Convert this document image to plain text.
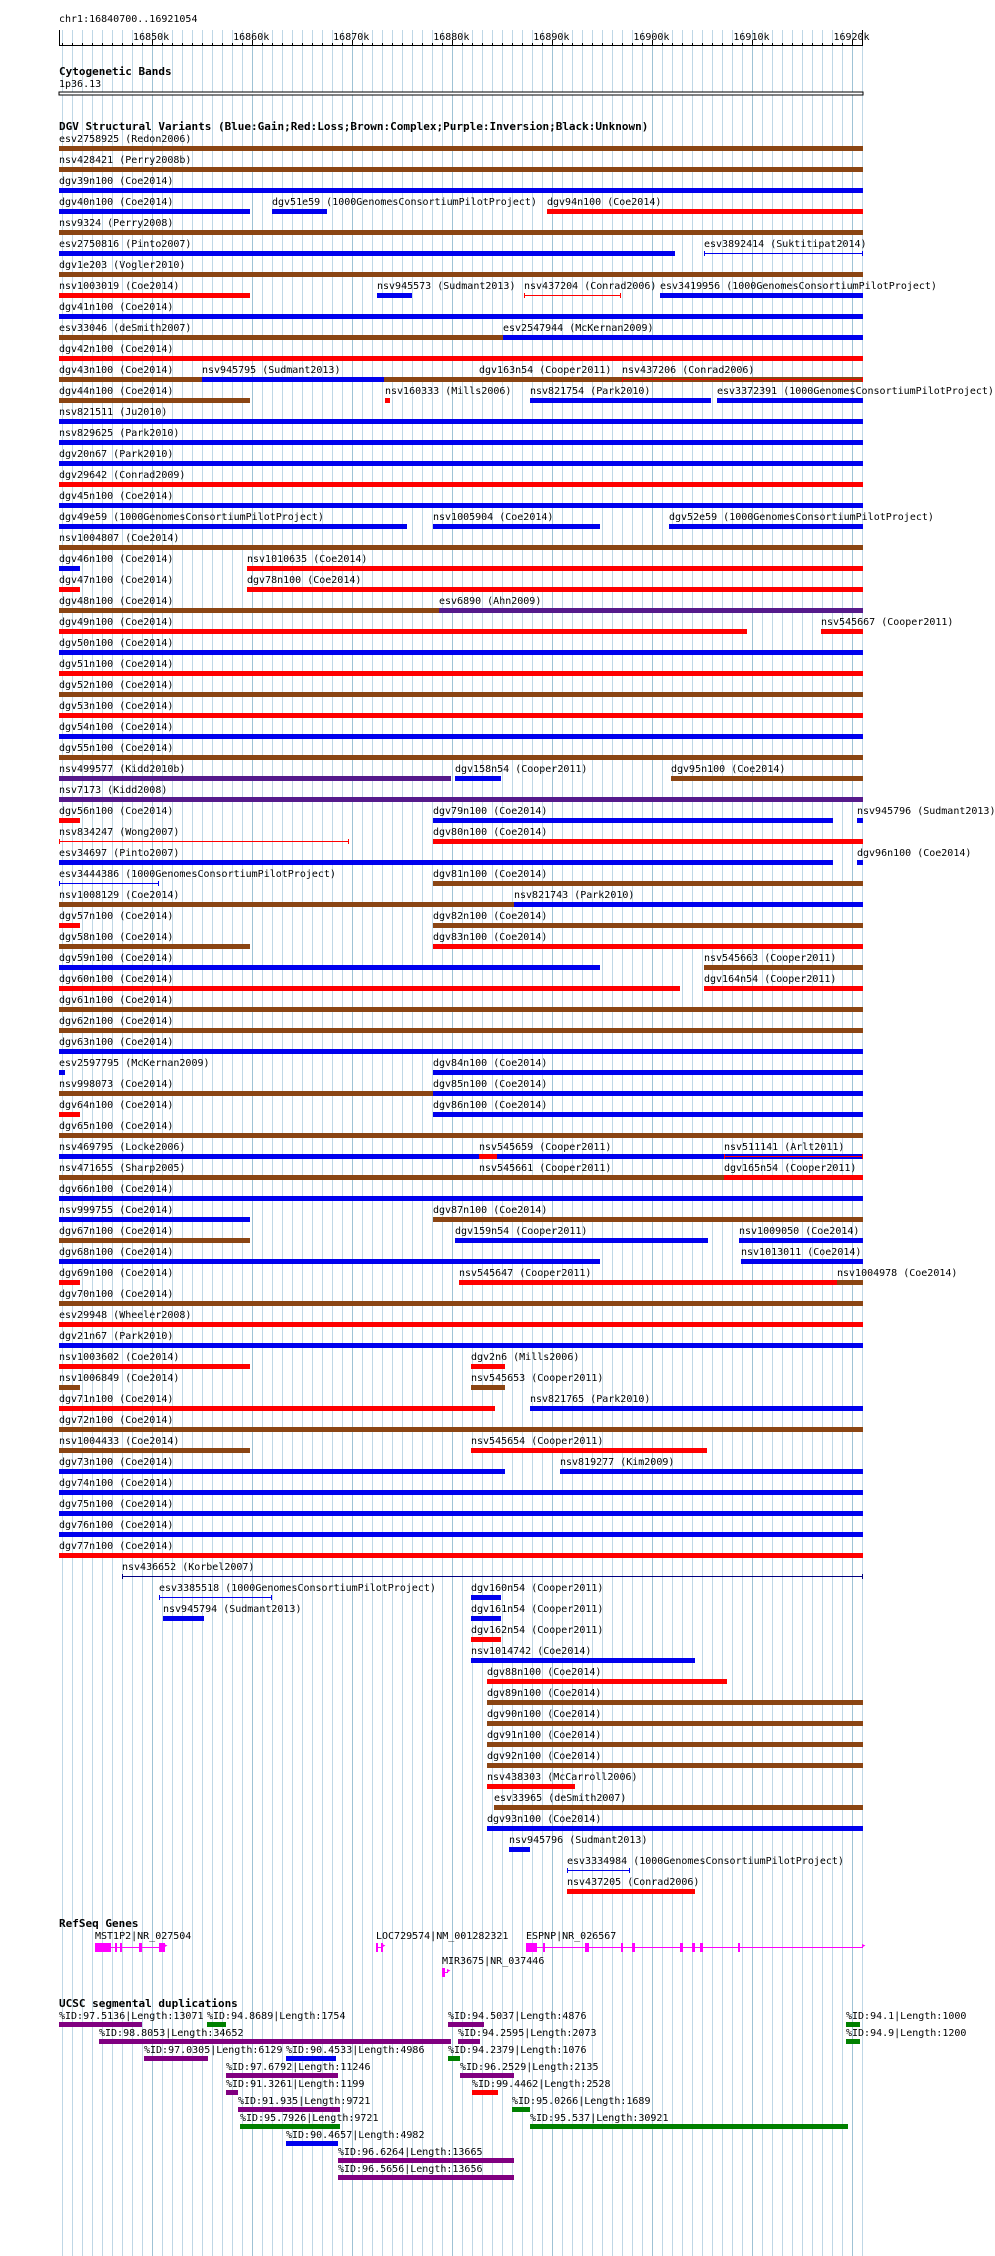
chr1:16840700..16921054
16850k	16860k	16870k	16880k	16890k	16900k	16910k	16920k
Cytogenetic Bands
1p36.13
DGV Structural Variants (Blue:Gain;Red:Loss;Brown:Complex;Purple:Inversion;Black:Unknown)
esv2758925 (Redon2006)
nsv428421 (Perry2008b)
dgv39n100 (Coe2014)
dgv40n100 (Coe2014)	dgv51e59 (1000GenomesConsortiumPilotProject) dgv94n100 (Coe2014)
nsv9324 (Perry2008)
esv2750816 (Pinto2007)	esv3892414 (Suktitipat2014)
dgv1e203 (Vogler2010)
nsv1003019 (Coe2014)	nsv945573 (Sudmant2013) nsv437204 (Conrad2006) esv3419956 (1000GenomesConsortiumPilotProject)
dgv41n100 (Coe2014)
esv33046 (deSmith2007)	esv2547944 (McKernan2009)
dgv42n100 (Coe2014)
dgv43n100 (Coe2014)	nsv945795 (Sudmant2013)	dgv163n54 (Cooper2011) nsv437206 (Conrad2006)
dgv44n100 (Coe2014)	nsv160333 (Mills2006) nsv821754 (Park2010)	esv3372391 (1000GenomesConsortiumPilotProject)
nsv821511 (Ju2010)
nsv829625 (Park2010)
dgv20n67 (Park2010)
dgv29642 (Conrad2009)
dgv45n100 (Coe2014)
dgv49e59 (1000GenomesConsortiumPilotProject)	nsv1005904 (Coe2014)	dgv52e59 (1000GenomesConsortiumPilotProject)
nsv1004807 (Coe2014)
dgv46n100 (Coe2014)	nsv1010635 (Coe2014)
dgv47n100 (Coe2014)	dgv78n100 (Coe2014)
dgv48n100 (Coe2014)	esv6890 (Ahn2009)
dgv49n100 (Coe2014)	nsv545667 (Cooper2011)
dgv50n100 (Coe2014)
dgv51n100 (Coe2014)
dgv52n100 (Coe2014)
dgv53n100 (Coe2014)
dgv54n100 (Coe2014)
dgv55n100 (Coe2014)
nsv499577 (Kidd2010b)	dgv158n54 (Cooper2011)	dgv95n100 (Coe2014)
nsv7173 (Kidd2008)
dgv56n100 (Coe2014)	dgv79n100 (Coe2014)	nsv945796 (Sudmant2013)
nsv834247 (Wong2007)	dgv80n100 (Coe2014)
esv34697 (Pinto2007)	dgv96n100 (Coe2014)
esv3444386 (1000GenomesConsortiumPilotProject)	dgv81n100 (Coe2014)
nsv1008129 (Coe2014)	nsv821743 (Park2010)
dgv57n100 (Coe2014)	dgv82n100 (Coe2014)
dgv58n100 (Coe2014)	dgv83n100 (Coe2014)
dgv59n100 (Coe2014)	nsv545663 (Cooper2011)
dgv60n100 (Coe2014)	dgv164n54 (Cooper2011)
dgv61n100 (Coe2014)
dgv62n100 (Coe2014)
dgv63n100 (Coe2014)
esv2597795 (McKernan2009)	dgv84n100 (Coe2014)
nsv998073 (Coe2014)	dgv85n100 (Coe2014)
dgv64n100 (Coe2014)	dgv86n100 (Coe2014)
dgv65n100 (Coe2014)
nsv469795 (Locke2006)	nsv545659 (Cooper2011)	nsv511141 (Arlt2011)
nsv471655 (Sharp2005)	nsv545661 (Cooper2011)	dgv165n54 (Cooper2011)
dgv66n100 (Coe2014)
nsv999755 (Coe2014)	dgv87n100 (Coe2014)
dgv67n100 (Coe2014)	dgv159n54 (Cooper2011)	nsv1009050 (Coe2014)
dgv68n100 (Coe2014)	nsv1013011 (Coe2014)
dgv69n100 (Coe2014)	nsv545647 (Cooper2011)	nsv1004978 (Coe2014)
dgv70n100 (Coe2014)
esv29948 (Wheeler2008)
dgv21n67 (Park2010)
nsv1003602 (Coe2014)	dgv2n6 (Mills2006)
nsv1006849 (Coe2014)	nsv545653 (Cooper2011)
dgv71n100 (Coe2014)	nsv821765 (Park2010)
dgv72n100 (Coe2014)
nsv1004433 (Coe2014)	nsv545654 (Cooper2011)
dgv73n100 (Coe2014)	nsv819277 (Kim2009)
dgv74n100 (Coe2014)
dgv75n100 (Coe2014)
dgv76n100 (Coe2014)
dgv77n100 (Coe2014)
nsv436652 (Korbel2007)
esv3385518 (1000GenomesConsortiumPilotProject)	dgv160n54 (Cooper2011)
nsv945794 (Sudmant2013)	dgv161n54 (Cooper2011)
dgv162n54 (Cooper2011)
nsv1014742 (Coe2014)
dgv88n100 (Coe2014)
dgv89n100 (Coe2014)
dgv90n100 (Coe2014)
dgv91n100 (Coe2014)
dgv92n100 (Coe2014)
nsv438303 (McCarroll2006)
esv33965 (deSmith2007)
dgv93n100 (Coe2014)
nsv945796 (Sudmant2013)
esv3334984 (1000GenomesConsortiumPilotProject)
nsv437205 (Conrad2006)
RefSeq Genes
MST1P2|NR_027504
▸
LOC729574|NM_001282321
▸
ESPNP|NR_026567
▸
MIR3675|NR_037446
▸
UCSC segmental duplications
%ID:97.5136|Length:13071 %ID:94.8689|Length:1754	%ID:94.5037|Length:4876	%ID:94.1|Length:1000
%ID:98.8053|Length:34652	%ID:94.2595|Length:2073	%ID:94.9|Length:1200
%ID:97.0305|Length:6129 %ID:90.4533|Length:4986 %ID:94.2379|Length:1076
%ID:97.6792|Length:11246	%ID:96.2529|Length:2135
%ID:91.3261|Length:1199	%ID:99.4462|Length:2528
%ID:91.935|Length:9721	%ID:95.0266|Length:1689
%ID:95.7926|Length:9721	%ID:95.537|Length:30921
%ID:90.4657|Length:4982
%ID:96.6264|Length:13665
%ID:96.5656|Length:13656
